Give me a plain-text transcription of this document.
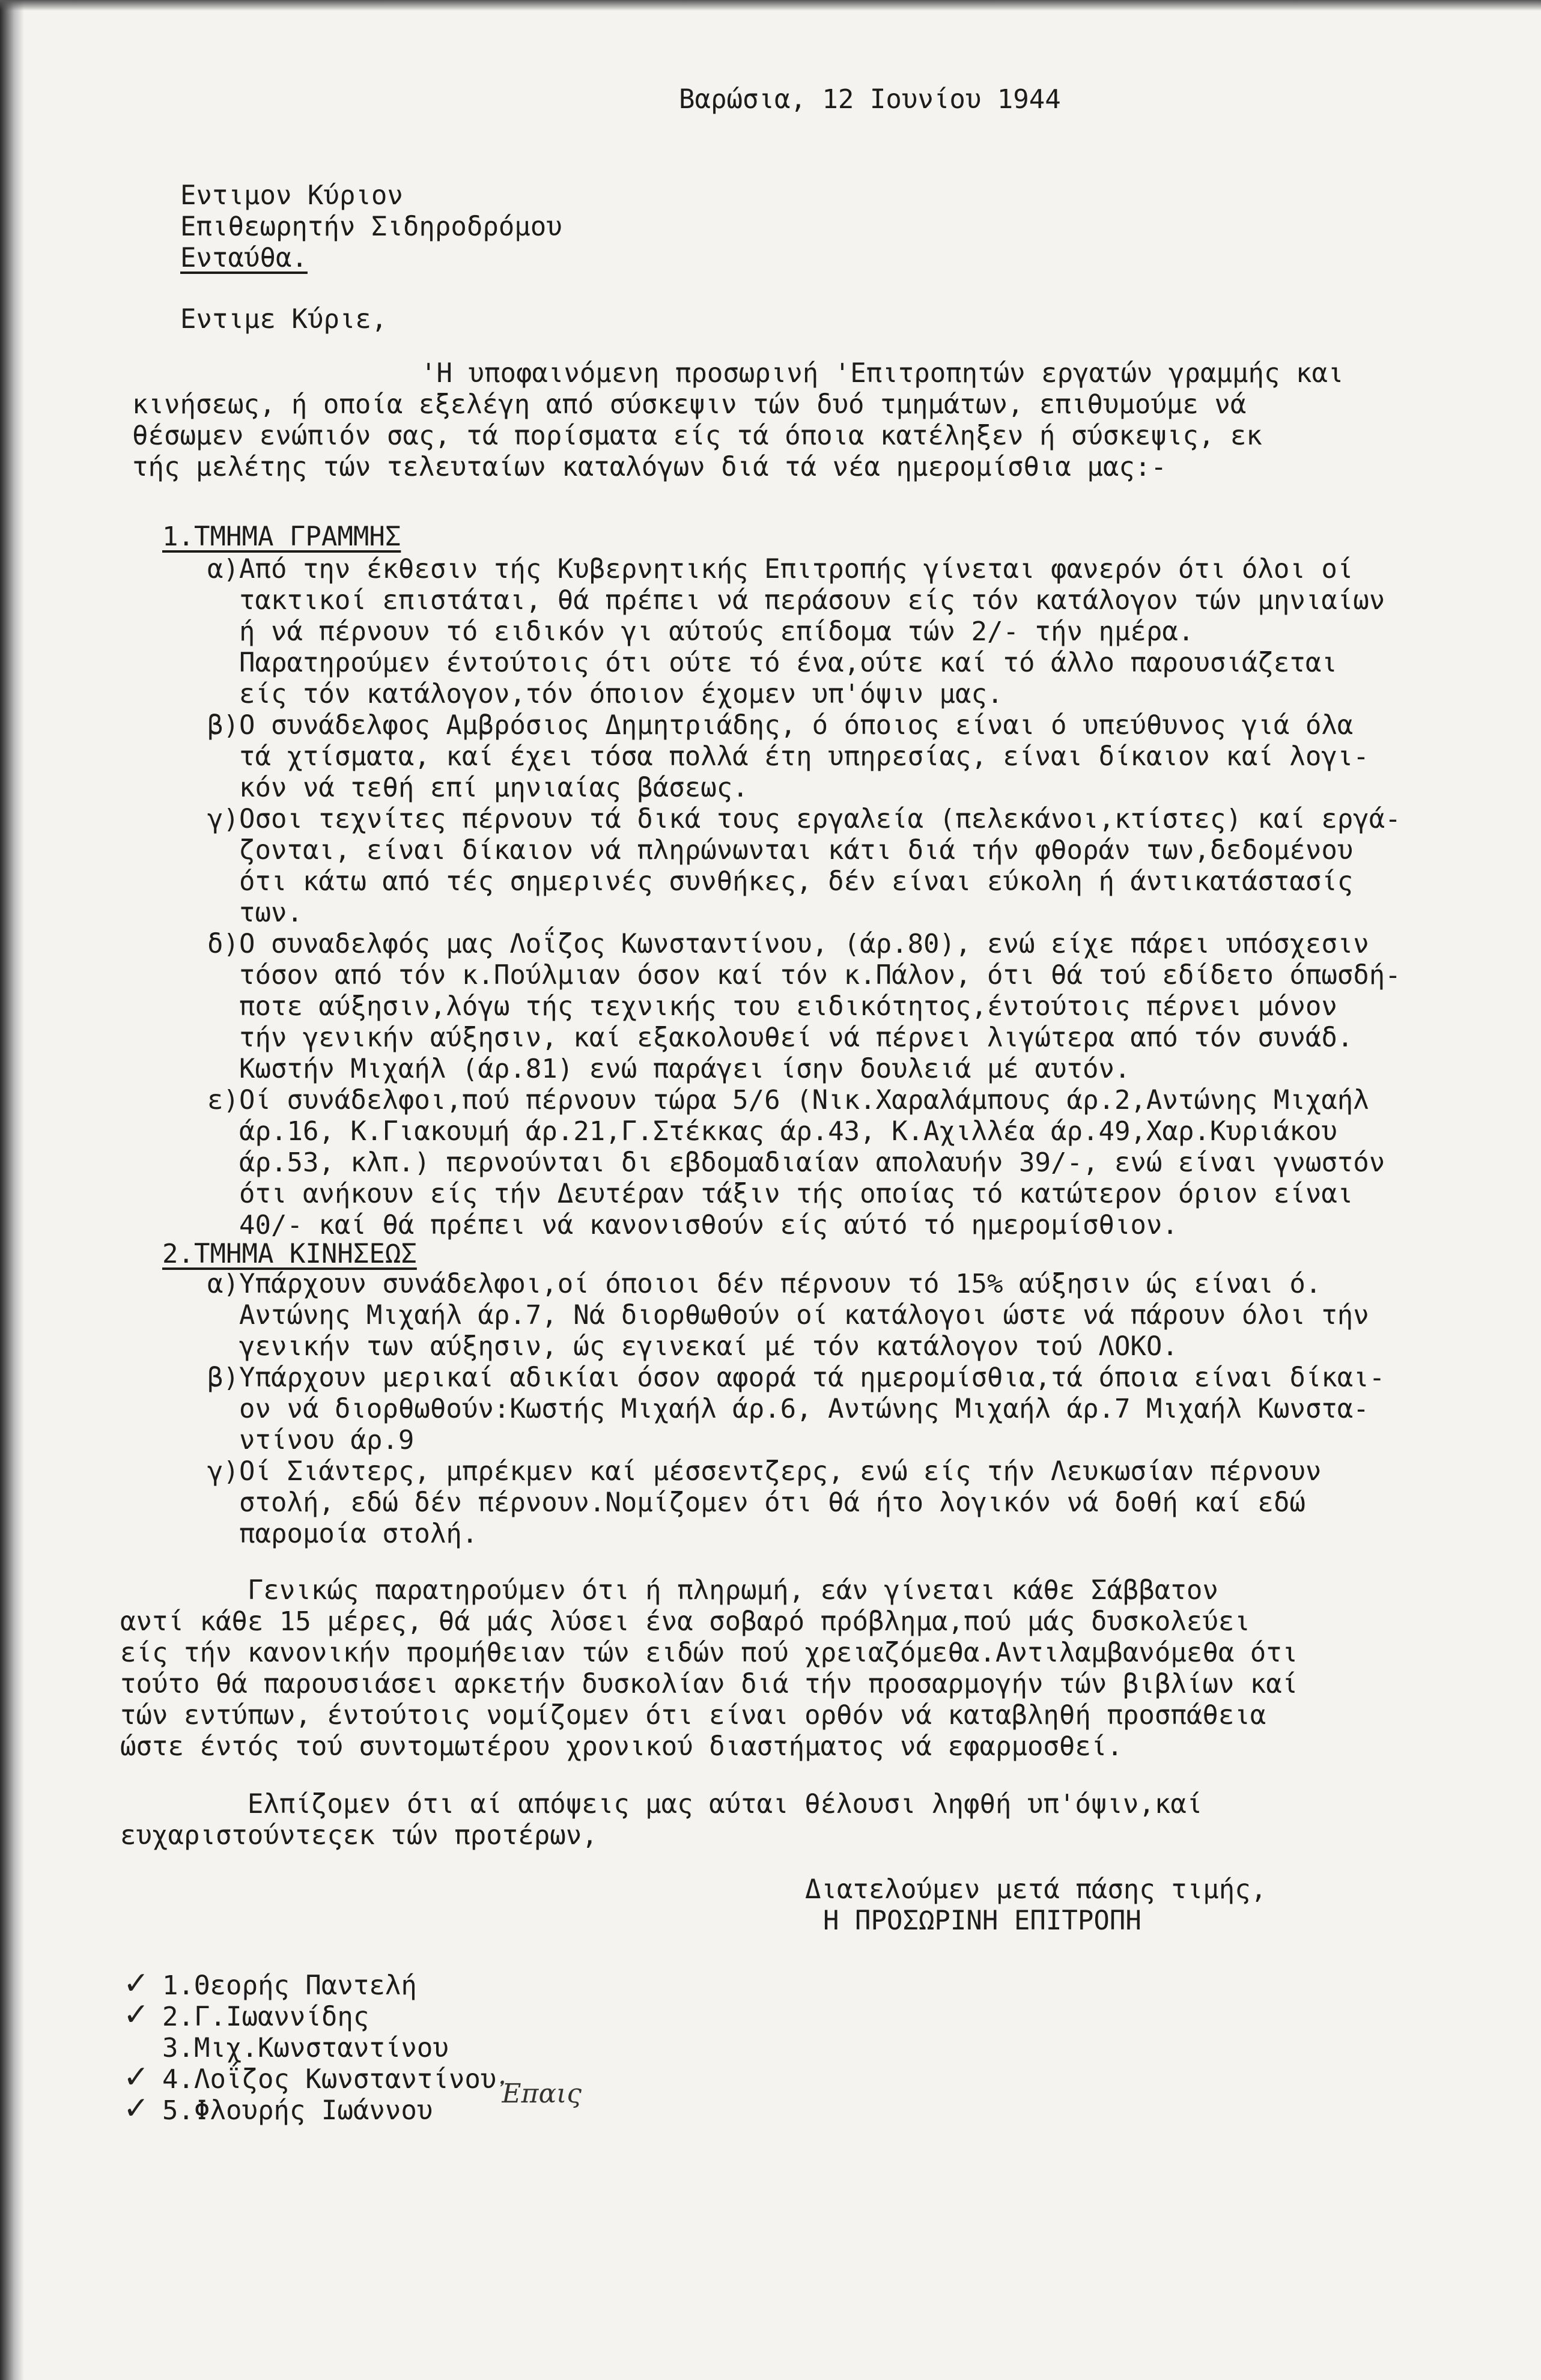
Βαρώσια, 12 Ιουνίου 1944
Εντιμον Κύριον
Επιθεωρητήν Σιδηροδρόμου
Ενταύθα.
Εντιμε Κύριε,
'Η υποφαινόμενη προσωρινή 'Επιτροπητών εργατών γραμμής και
κινήσεως, ή οποία εξελέγη από σύσκεψιν τών δυό τμημάτων, επιθυμούμε νά
θέσωμεν ενώπιόν σας, τά πορίσματα είς τά όποια κατέληξεν ή σύσκεψις, εκ
τής μελέτης τών τελευταίων καταλόγων διά τά νέα ημερομίσθια μας:-
1.ΤΜΗΜΑ ΓΡΑΜΜΗΣ
α)Από την έκθεσιν τής Κυβερνητικής Επιτροπής γίνεται φανερόν ότι όλοι οί
τακτικοί επιστάται, θά πρέπει νά περάσουν είς τόν κατάλογον τών μηνιαίων
ή νά πέρνουν τό ειδικόν γι αύτούς επίδομα τών 2/- τήν ημέρα.
Παρατηρούμεν έντούτοις ότι ούτε τό ένα,ούτε καί τό άλλο παρουσιάζεται
είς τόν κατάλογον,τόν όποιον έχομεν υπ'όψιν μας.
β)Ο συνάδελφος Αμβρόσιος Δημητριάδης, ό όποιος είναι ό υπεύθυνος γιά όλα
τά χτίσματα, καί έχει τόσα πολλά έτη υπηρεσίας, είναι δίκαιον καί λογι-
κόν νά τεθή επί μηνιαίας βάσεως.
γ)Οσοι τεχνίτες πέρνουν τά δικά τους εργαλεία (πελεκάνοι,κτίστες) καί εργά-
ζονται, είναι δίκαιον νά πληρώνωνται κάτι διά τήν φθοράν των,δεδομένου
ότι κάτω από τές σημερινές συνθήκες, δέν είναι εύκολη ή άντικατάστασίς
των.
δ)Ο συναδελφός μας Λοΐζος Κωνσταντίνου, (άρ.80), ενώ είχε πάρει υπόσχεσιν
τόσον από τόν κ.Πούλμιαν όσον καί τόν κ.Πάλον, ότι θά τού εδίδετο όπωσδή-
ποτε αύξησιν,λόγω τής τεχνικής του ειδικότητος,έντούτοις πέρνει μόνον
τήν γενικήν αύξησιν, καί εξακολουθεί νά πέρνει λιγώτερα από τόν συνάδ.
Κωστήν Μιχαήλ (άρ.81) ενώ παράγει ίσην δουλειά μέ αυτόν.
ε)Οί συνάδελφοι,πού πέρνουν τώρα 5/6 (Νικ.Χαραλάμπους άρ.2,Αντώνης Μιχαήλ
άρ.16, Κ.Γιακουμή άρ.21,Γ.Στέκκας άρ.43, Κ.Αχιλλέα άρ.49,Χαρ.Κυριάκου
άρ.53, κλπ.) περνούνται δι εβδομαδιαίαν απολαυήν 39/-, ενώ είναι γνωστόν
ότι ανήκουν είς τήν Δευτέραν τάξιν τής οποίας τό κατώτερον όριον είναι
40/- καί θά πρέπει νά κανονισθούν είς αύτό τό ημερομίσθιον.
2.ΤΜΗΜΑ ΚΙΝΗΣΕΩΣ
α)Υπάρχουν συνάδελφοι,οί όποιοι δέν πέρνουν τό 15% αύξησιν ώς είναι ό.
Αντώνης Μιχαήλ άρ.7, Νά διορθωθούν οί κατάλογοι ώστε νά πάρουν όλοι τήν
γενικήν των αύξησιν, ώς εγινεκαί μέ τόν κατάλογον τού ΛΟΚΟ.
β)Υπάρχουν μερικαί αδικίαι όσον αφορά τά ημερομίσθια,τά όποια είναι δίκαι-
ον νά διορθωθούν:Κωστής Μιχαήλ άρ.6, Αντώνης Μιχαήλ άρ.7 Μιχαήλ Κωνστα-
ντίνου άρ.9
γ)Οί Σιάντερς, μπρέκμεν καί μέσσεντζερς, ενώ είς τήν Λευκωσίαν πέρνουν
στολή, εδώ δέν πέρνουν.Νομίζομεν ότι θά ήτο λογικόν νά δοθή καί εδώ
παρομοία στολή.
Γενικώς παρατηρούμεν ότι ή πληρωμή, εάν γίνεται κάθε Σάββατον
αντί κάθε 15 μέρες, θά μάς λύσει ένα σοβαρό πρόβλημα,πού μάς δυσκολεύει
είς τήν κανονικήν προμήθειαν τών ειδών πού χρειαζόμεθα.Αντιλαμβανόμεθα ότι
τούτο θά παρουσιάσει αρκετήν δυσκολίαν διά τήν προσαρμογήν τών βιβλίων καί
τών εντύπων, έντούτοις νομίζομεν ότι είναι ορθόν νά καταβληθή προσπάθεια
ώστε έντός τού συντομωτέρου χρονικού διαστήματος νά εφαρμοσθεί.
Ελπίζομεν ότι αί απόψεις μας αύται θέλουσι ληφθή υπ'όψιν,καί
ευχαριστούντεςεκ τών προτέρων,
Διατελούμεν μετά πάσης τιμής,
Η ΠΡΟΣΩΡΙΝΗ ΕΠΙΤΡΟΠΗ
✓ 1.Θεορής Παντελή
✓ 2.Γ.Ιωαννίδης
3.Μιχ.Κωνσταντίνου
✓ 4.Λοΐζος Κωνσταντίνου
✓ 5.Φλουρής Ιωάννου
Ἐπαις
